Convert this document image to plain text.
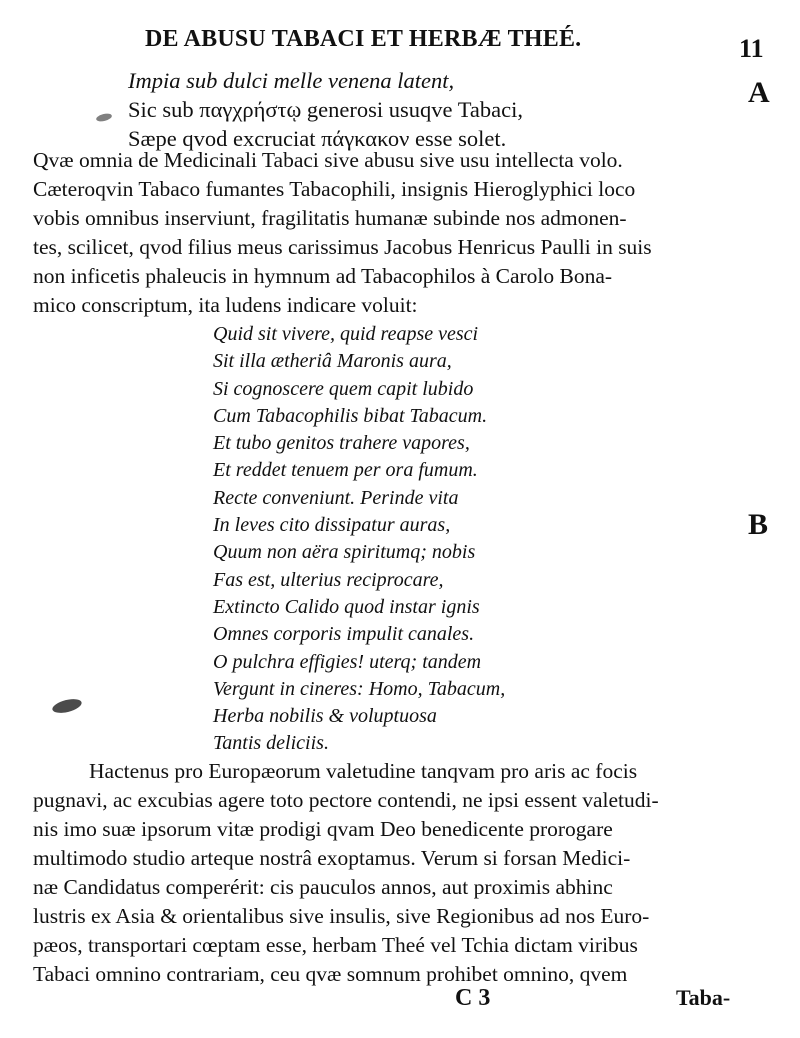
DE ABUSU TABACI ET HERBÆ THEÉ.	11
A
B
Impia sub dulci melle venena latent,
Sic sub παγχρήστῳ generosi usuqve Tabaci,
Sæpe qvod excruciat πάγκακον esse solet.
Qvæ omnia de Medicinali Tabaci sive abusu sive usu intellecta volo.
Cæteroqvin Tabaco fumantes Tabacophili, insignis Hieroglyphici loco
vobis omnibus inserviunt, fragilitatis humanæ subinde nos admonen-
tes, scilicet, qvod filius meus carissimus Jacobus Henricus Paulli in suis
non inficetis phaleucis in hymnum ad Tabacophilos à Carolo Bona-
mico conscriptum, ita ludens indicare voluit:
Quid sit vivere, quid reapse vesci
Sit illa ætheriâ Maronis aura,
Si cognoscere quem capit lubido
Cum Tabacophilis bibat Tabacum.
Et tubo genitos trahere vapores,
Et reddet tenuem per ora fumum.
Recte conveniunt. Perinde vita
In leves cito dissipatur auras,
Quum non aëra spiritumq; nobis
Fas est, ulterius reciprocare,
Extincto Calido quod instar ignis
Omnes corporis impulit canales.
O pulchra effigies! uterq; tandem
Vergunt in cineres: Homo, Tabacum,
Herba nobilis & voluptuosa
Tantis deliciis.
Hactenus pro Europæorum valetudine tanqvam pro aris ac focis
pugnavi, ac excubias agere toto pectore contendi, ne ipsi essent valetudi-
nis imo suæ ipsorum vitæ prodigi qvam Deo benedicente prorogare
multimodo studio arteque nostrâ exoptamus. Verum si forsan Medici-
næ Candidatus comperérit: cis pauculos annos, aut proximis abhinc
lustris ex Asia & orientalibus sive insulis, sive Regionibus ad nos Euro-
pæos, transportari cœptam esse, herbam Theé vel Tchia dictam viribus
Tabaci omnino contrariam, ceu qvæ somnum prohibet omnino, qvem
C 3	Taba-
